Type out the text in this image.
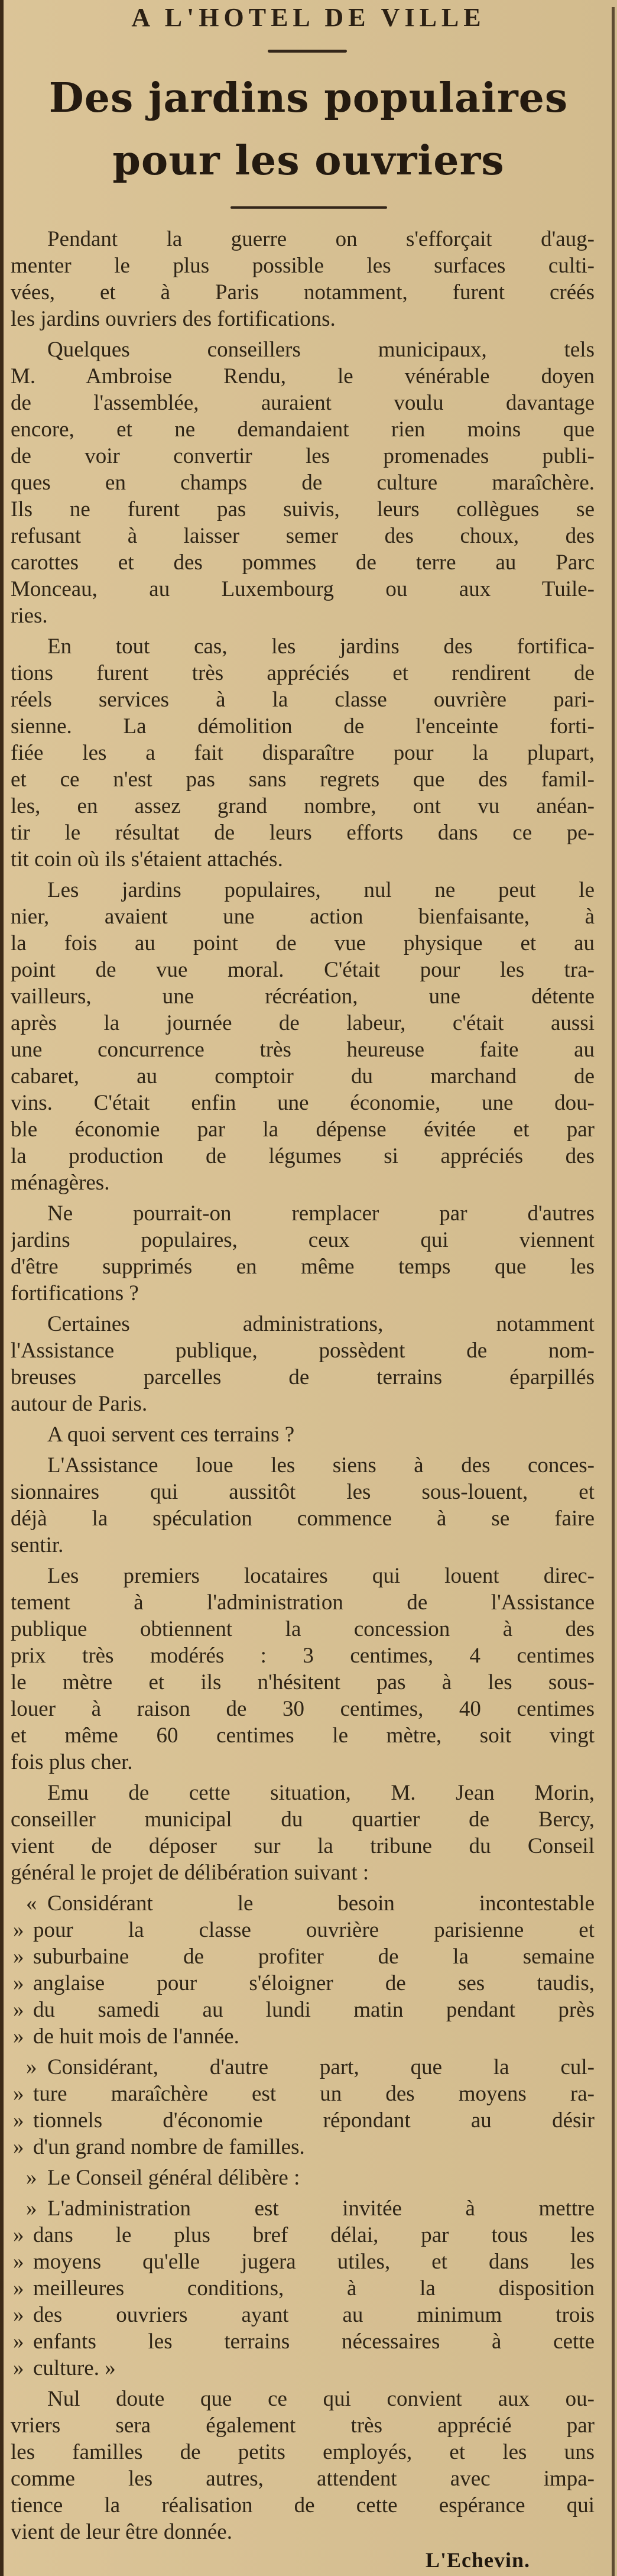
A L'HOTEL DE VILLE
Des jardins populaires
pour les ouvriers
Pendant la guerre on s'efforçait d'aug-
menter le plus possible les surfaces culti-
vées, et à Paris notamment, furent créés
les jardins ouvriers des fortifications.
Quelques conseillers municipaux, tels
M. Ambroise Rendu, le vénérable doyen
de l'assemblée, auraient voulu davantage
encore, et ne demandaient rien moins que
de voir convertir les promenades publi-
ques en champs de culture maraîchère.
Ils ne furent pas suivis, leurs collègues se
refusant à laisser semer des choux, des
carottes et des pommes de terre au Parc
Monceau, au Luxembourg ou aux Tuile-
ries.
En tout cas, les jardins des fortifica-
tions furent très appréciés et rendirent de
réels services à la classe ouvrière pari-
sienne. La démolition de l'enceinte forti-
fiée les a fait disparaître pour la plupart,
et ce n'est pas sans regrets que des famil-
les, en assez grand nombre, ont vu anéan-
tir le résultat de leurs efforts dans ce pe-
tit coin où ils s'étaient attachés.
Les jardins populaires, nul ne peut le
nier, avaient une action bienfaisante, à
la fois au point de vue physique et au
point de vue moral. C'était pour les tra-
vailleurs, une récréation, une détente
après la journée de labeur, c'était aussi
une concurrence très heureuse faite au
cabaret, au comptoir du marchand de
vins. C'était enfin une économie, une dou-
ble économie par la dépense évitée et par
la production de légumes si appréciés des
ménagères.
Ne pourrait-on remplacer par d'autres
jardins populaires, ceux qui viennent
d'être supprimés en même temps que les
fortifications ?
Certaines administrations, notamment
l'Assistance publique, possèdent de nom-
breuses parcelles de terrains éparpillés
autour de Paris.
A quoi servent ces terrains ?
L'Assistance loue les siens à des conces-
sionnaires qui aussitôt les sous-louent, et
déjà la spéculation commence à se faire
sentir.
Les premiers locataires qui louent direc-
tement à l'administration de l'Assistance
publique obtiennent la concession à des
prix très modérés : 3 centimes, 4 centimes
le mètre et ils n'hésitent pas à les sous-
louer à raison de 30 centimes, 40 centimes
et même 60 centimes le mètre, soit vingt
fois plus cher.
Emu de cette situation, M. Jean Morin,
conseiller municipal du quartier de Bercy,
vient de déposer sur la tribune du Conseil
général le projet de délibération suivant :
« Considérant le besoin incontestable
» pour la classe ouvrière parisienne et
» suburbaine de profiter de la semaine
» anglaise pour s'éloigner de ses taudis,
» du samedi au lundi matin pendant près
» de huit mois de l'année.
» Considérant, d'autre part, que la cul-
» ture maraîchère est un des moyens ra-
» tionnels d'économie répondant au désir
» d'un grand nombre de familles.
» Le Conseil général délibère :
» L'administration est invitée à mettre
» dans le plus bref délai, par tous les
» moyens qu'elle jugera utiles, et dans les
» meilleures conditions, à la disposition
» des ouvriers ayant au minimum trois
» enfants les terrains nécessaires à cette
» culture. »
Nul doute que ce qui convient aux ou-
vriers sera également très apprécié par
les familles de petits employés, et les uns
comme les autres, attendent avec impa-
tience la réalisation de cette espérance qui
vient de leur être donnée.
L'Echevin.
